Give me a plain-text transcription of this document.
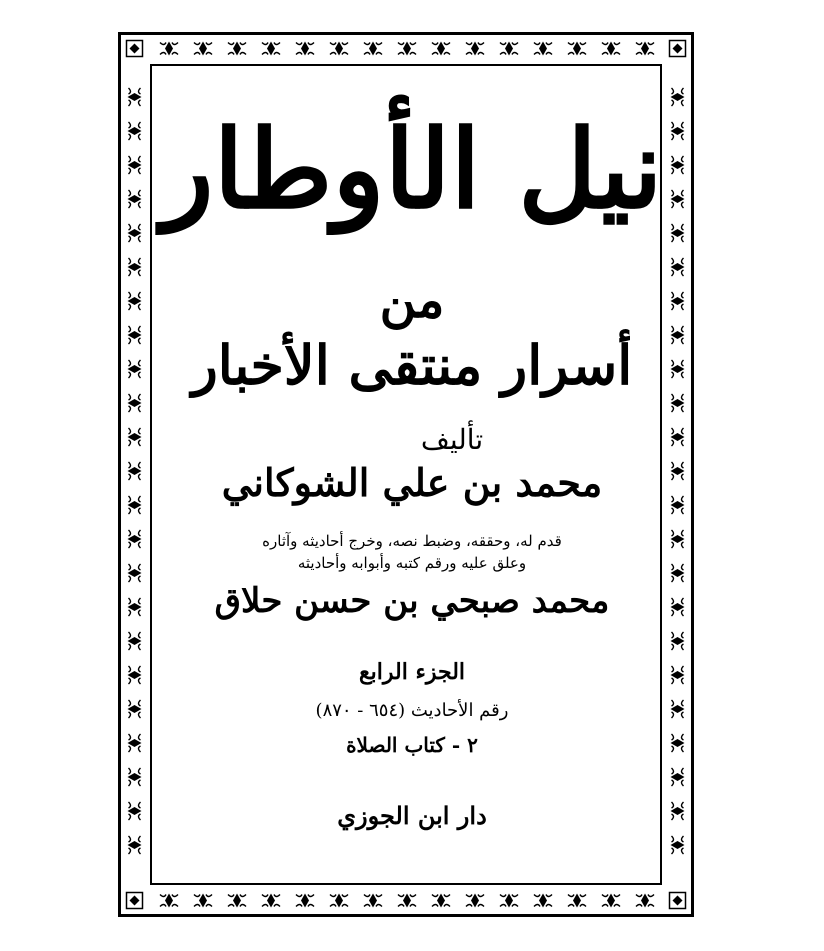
نيل الأوطار
من
أسرار منتقى الأخبار
تأليف
محمد بن علي الشوكاني
قدم له، وحققه، وضبط نصه، وخرج أحاديثه وآثاره
وعلق عليه ورقم كتبه وأبوابه وأحاديثه
محمد صبحي بن حسن حلاق
الجزء الرابع
رقم الأحاديث (٦٥٤ - ٨٧٠)
٢ - كتاب الصلاة
دار ابن الجوزي
